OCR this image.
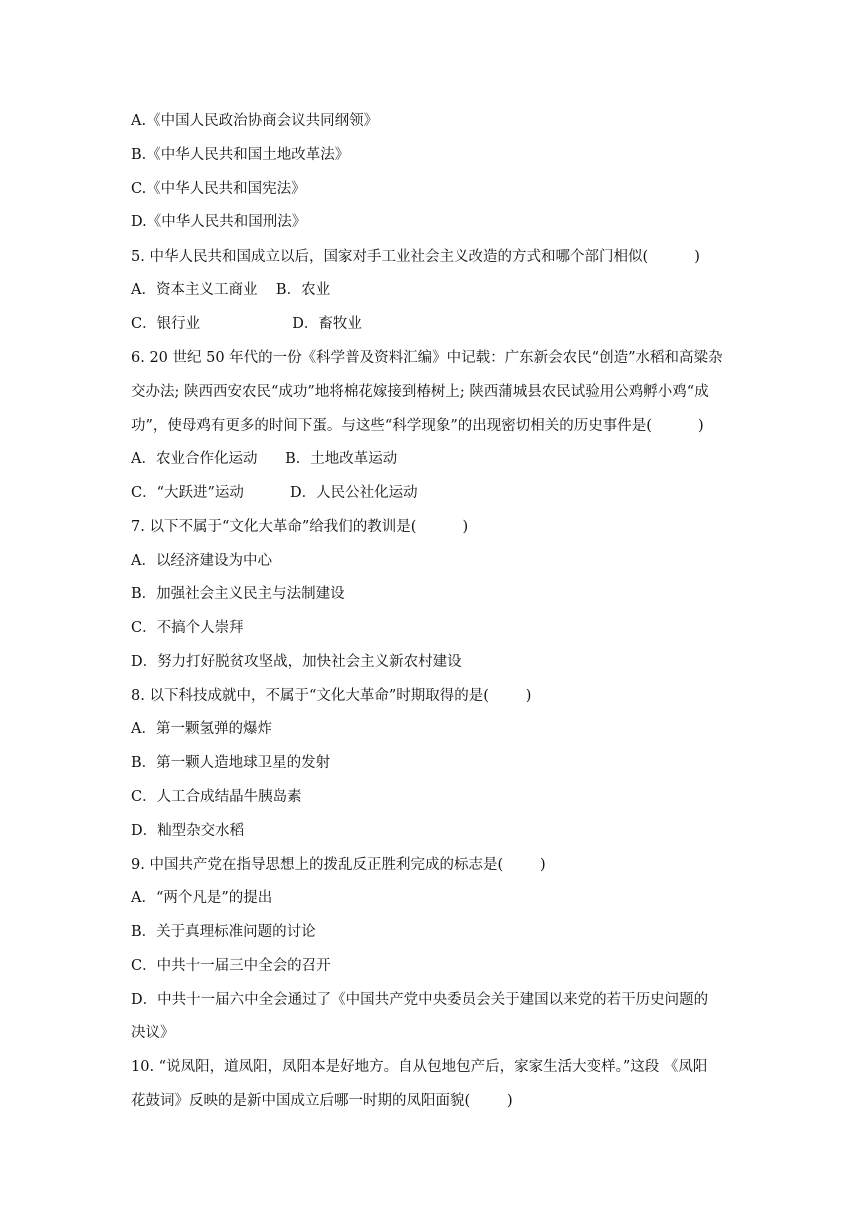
A.《中国人民政治协商会议共同纲领》
B.《中华人民共和国土地改革法》
C.《中华人民共和国宪法》
D.《中华人民共和国刑法》
5. 中华人民共和国成立以后，国家对手工业社会主义改造的方式和哪个部门相似(          )
A．资本主义工商业    B．农业
C．银行业                    D．畜牧业
6. 20 世纪 50 年代的一份《科学普及资料汇编》中记载：广东新会农民“创造”水稻和高粱杂
交办法; 陕西西安农民“成功”地将棉花嫁接到椿树上; 陕西蒲城县农民试验用公鸡孵小鸡“成
功”，使母鸡有更多的时间下蛋。与这些“科学现象”的出现密切相关的历史事件是(          )
A．农业合作化运动      B．土地改革运动
C．“大跃进”运动          D．人民公社化运动
7. 以下不属于“文化大革命”给我们的教训是(          )
A．以经济建设为中心
B．加强社会主义民主与法制建设
C．不搞个人崇拜
D．努力打好脱贫攻坚战，加快社会主义新农村建设
8. 以下科技成就中，不属于“文化大革命”时期取得的是(        )
A．第一颗氢弹的爆炸
B．第一颗人造地球卫星的发射
C．人工合成结晶牛胰岛素
D．籼型杂交水稻
9. 中国共产党在指导思想上的拨乱反正胜利完成的标志是(        )
A．“两个凡是”的提出
B．关于真理标准问题的讨论
C．中共十一届三中全会的召开
D．中共十一届六中全会通过了《中国共产党中央委员会关于建国以来党的若干历史问题的
决议》
10. “说凤阳，道凤阳，凤阳本是好地方。自从包地包产后，家家生活大变样。”这段 《凤阳
花鼓词》反映的是新中国成立后哪一时期的凤阳面貌(        )
